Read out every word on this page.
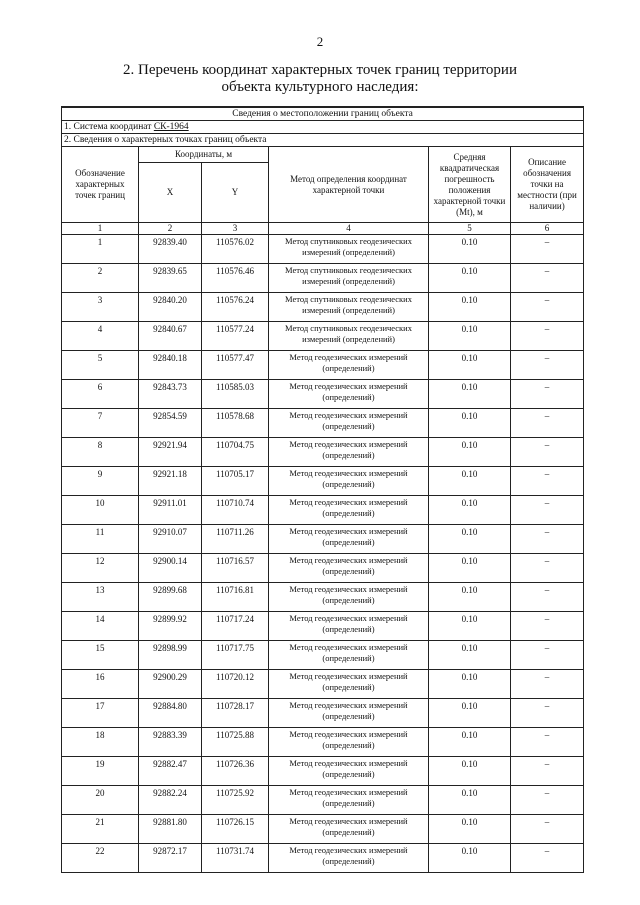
2
2. Перечень координат характерных точек границ территории
объекта культурного наследия:
Сведения о местоположении границ объекта					
1. Система координат СК-1964					
2. Сведения о характерных точках границ объекта					
Обозначение характерных точек границ	Координаты, м		Метод определения координат характерной точки	Средняя квадратическая погрешность положения характерной точки (Mt), м	Описание обозначения точки на местности (при наличии)
	X	Y			
1	2	3	4	5	6
1	92839.40	110576.02	Метод спутниковых геодезических измерений (определений)	0.10	–
2	92839.65	110576.46	Метод спутниковых геодезических измерений (определений)	0.10	–
3	92840.20	110576.24	Метод спутниковых геодезических измерений (определений)	0.10	–
4	92840.67	110577.24	Метод спутниковых геодезических измерений (определений)	0.10	–
5	92840.18	110577.47	Метод геодезических измерений (определений)	0.10	–
6	92843.73	110585.03	Метод геодезических измерений (определений)	0.10	–
7	92854.59	110578.68	Метод геодезических измерений (определений)	0.10	–
8	92921.94	110704.75	Метод геодезических измерений (определений)	0.10	–
9	92921.18	110705.17	Метод геодезических измерений (определений)	0.10	–
10	92911.01	110710.74	Метод геодезических измерений (определений)	0.10	–
11	92910.07	110711.26	Метод геодезических измерений (определений)	0.10	–
12	92900.14	110716.57	Метод геодезических измерений (определений)	0.10	–
13	92899.68	110716.81	Метод геодезических измерений (определений)	0.10	–
14	92899.92	110717.24	Метод геодезических измерений (определений)	0.10	–
15	92898.99	110717.75	Метод геодезических измерений (определений)	0.10	–
16	92900.29	110720.12	Метод геодезических измерений (определений)	0.10	–
17	92884.80	110728.17	Метод геодезических измерений (определений)	0.10	–
18	92883.39	110725.88	Метод геодезических измерений (определений)	0.10	–
19	92882.47	110726.36	Метод геодезических измерений (определений)	0.10	–
20	92882.24	110725.92	Метод геодезических измерений (определений)	0.10	–
21	92881.80	110726.15	Метод геодезических измерений (определений)	0.10	–
22	92872.17	110731.74	Метод геодезических измерений (определений)	0.10	–
